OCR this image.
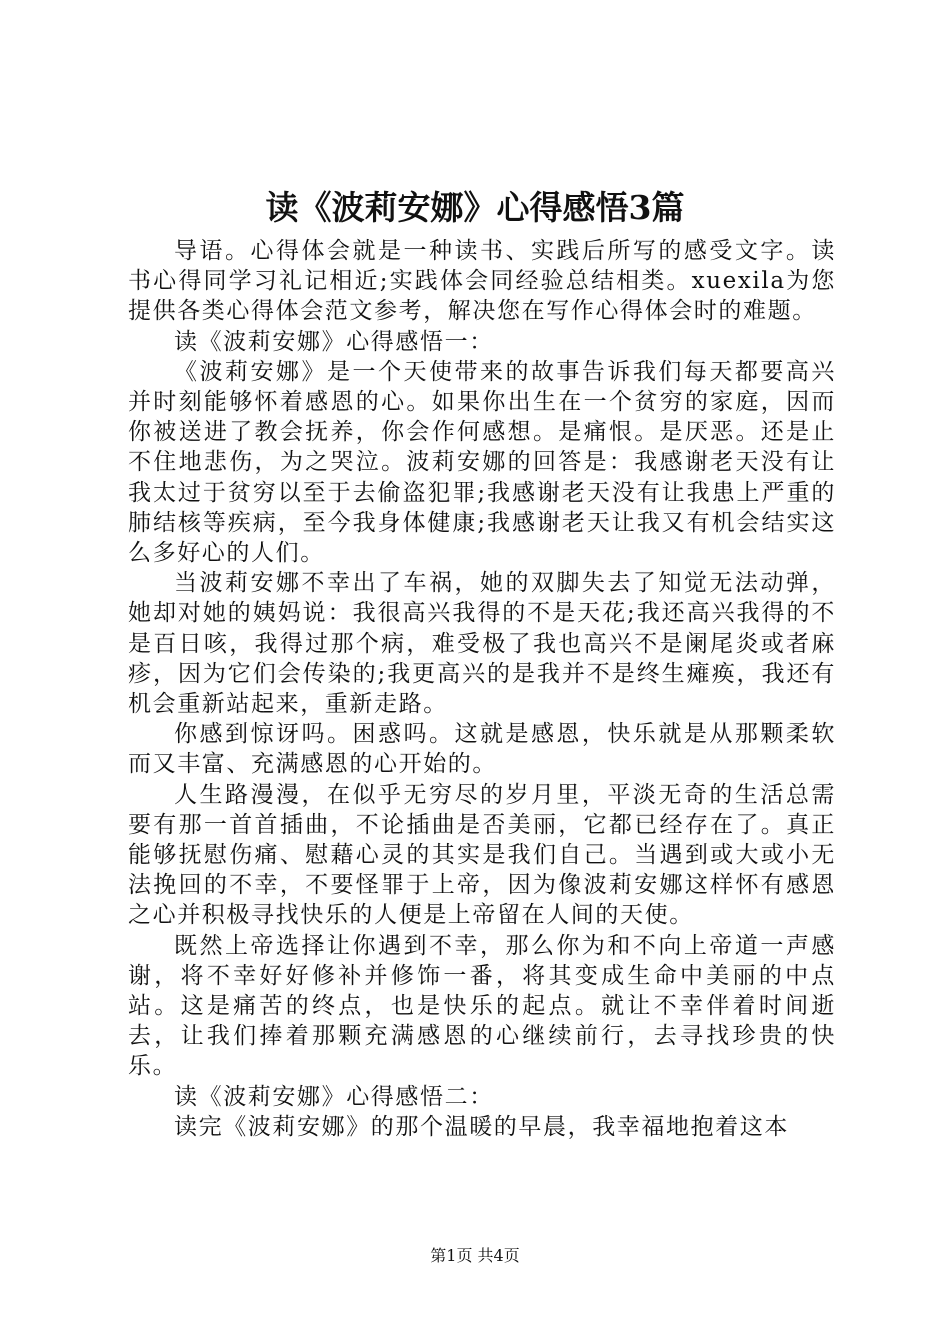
读《波莉安娜》心得感悟3篇

导语。心得体会就是一种读书、实践后所写的感受文字。读书心得同学习礼记相近;实践体会同经验总结相类。xuexila为您提供各类心得体会范文参考，解决您在写作心得体会时的难题。

读《波莉安娜》心得感悟一：

《波莉安娜》是一个天使带来的故事告诉我们每天都要高兴并时刻能够怀着感恩的心。如果你出生在一个贫穷的家庭，因而你被送进了教会抚养，你会作何感想。是痛恨。是厌恶。还是止不住地悲伤，为之哭泣。波莉安娜的回答是：我感谢老天没有让我太过于贫穷以至于去偷盗犯罪;我感谢老天没有让我患上严重的肺结核等疾病，至今我身体健康;我感谢老天让我又有机会结实这么多好心的人们。

当波莉安娜不幸出了车祸，她的双脚失去了知觉无法动弹，她却对她的姨妈说：我很高兴我得的不是天花;我还高兴我得的不是百日咳，我得过那个病，难受极了我也高兴不是阑尾炎或者麻疹，因为它们会传染的;我更高兴的是我并不是终生瘫痪，我还有机会重新站起来，重新走路。

你感到惊讶吗。困惑吗。这就是感恩，快乐就是从那颗柔软而又丰富、充满感恩的心开始的。

人生路漫漫，在似乎无穷尽的岁月里，平淡无奇的生活总需要有那一首首插曲，不论插曲是否美丽，它都已经存在了。真正能够抚慰伤痛、慰藉心灵的其实是我们自己。当遇到或大或小无法挽回的不幸，不要怪罪于上帝，因为像波莉安娜这样怀有感恩之心并积极寻找快乐的人便是上帝留在人间的天使。

既然上帝选择让你遇到不幸，那么你为和不向上帝道一声感谢，将不幸好好修补并修饰一番，将其变成生命中美丽的中点站。这是痛苦的终点，也是快乐的起点。就让不幸伴着时间逝去，让我们捧着那颗充满感恩的心继续前行，去寻找珍贵的快乐。

读《波莉安娜》心得感悟二：

读完《波莉安娜》的那个温暖的早晨，我幸福地抱着这本

第1页 共4页
